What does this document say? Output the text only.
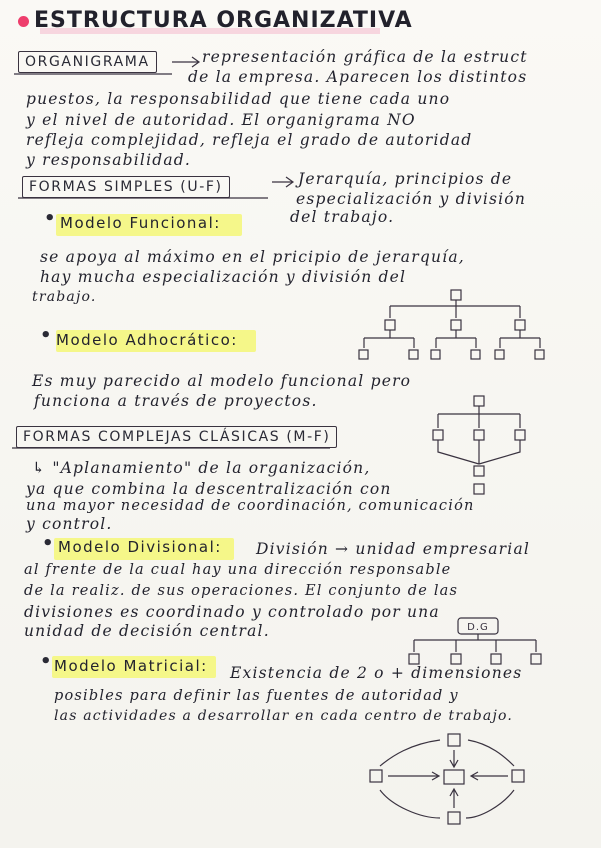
ESTRUCTURA ORGANIZATIVA
ORGANIGRAMA	representación gráfica de la estruct
de la empresa. Aparecen los distintos
puestos, la responsabilidad que tiene cada uno
y el nivel de autoridad. El organigrama NO
refleja complejidad, refleja el grado de autoridad
y responsabilidad.
FORMAS SIMPLES (U-F)	Jerarquía, principios de
especialización y división
del trabajo.
• Modelo Funcional:
se apoya al máximo en el pricipio de jerarquía,
hay mucha especialización y división del
trabajo.
• Modelo Adhocrático:
Es muy parecido al modelo funcional pero
funciona a través de proyectos.
FORMAS COMPLEJAS CLÁSICAS (M-F)
↳ "Aplanamiento" de la organización,
ya que combina la descentralización con
una mayor necesidad de coordinación, comunicación
y control.
• Modelo Divisional: División → unidad empresarial
al frente de la cual hay una dirección responsable
de la realiz. de sus operaciones. El conjunto de las
divisiones es coordinado y controlado por una
unidad de decisión central.
• Modelo Matricial: Existencia de 2 o + dimensiones
posibles para definir las fuentes de autoridad y
las actividades a desarrollar en cada centro de trabajo.
D.G
